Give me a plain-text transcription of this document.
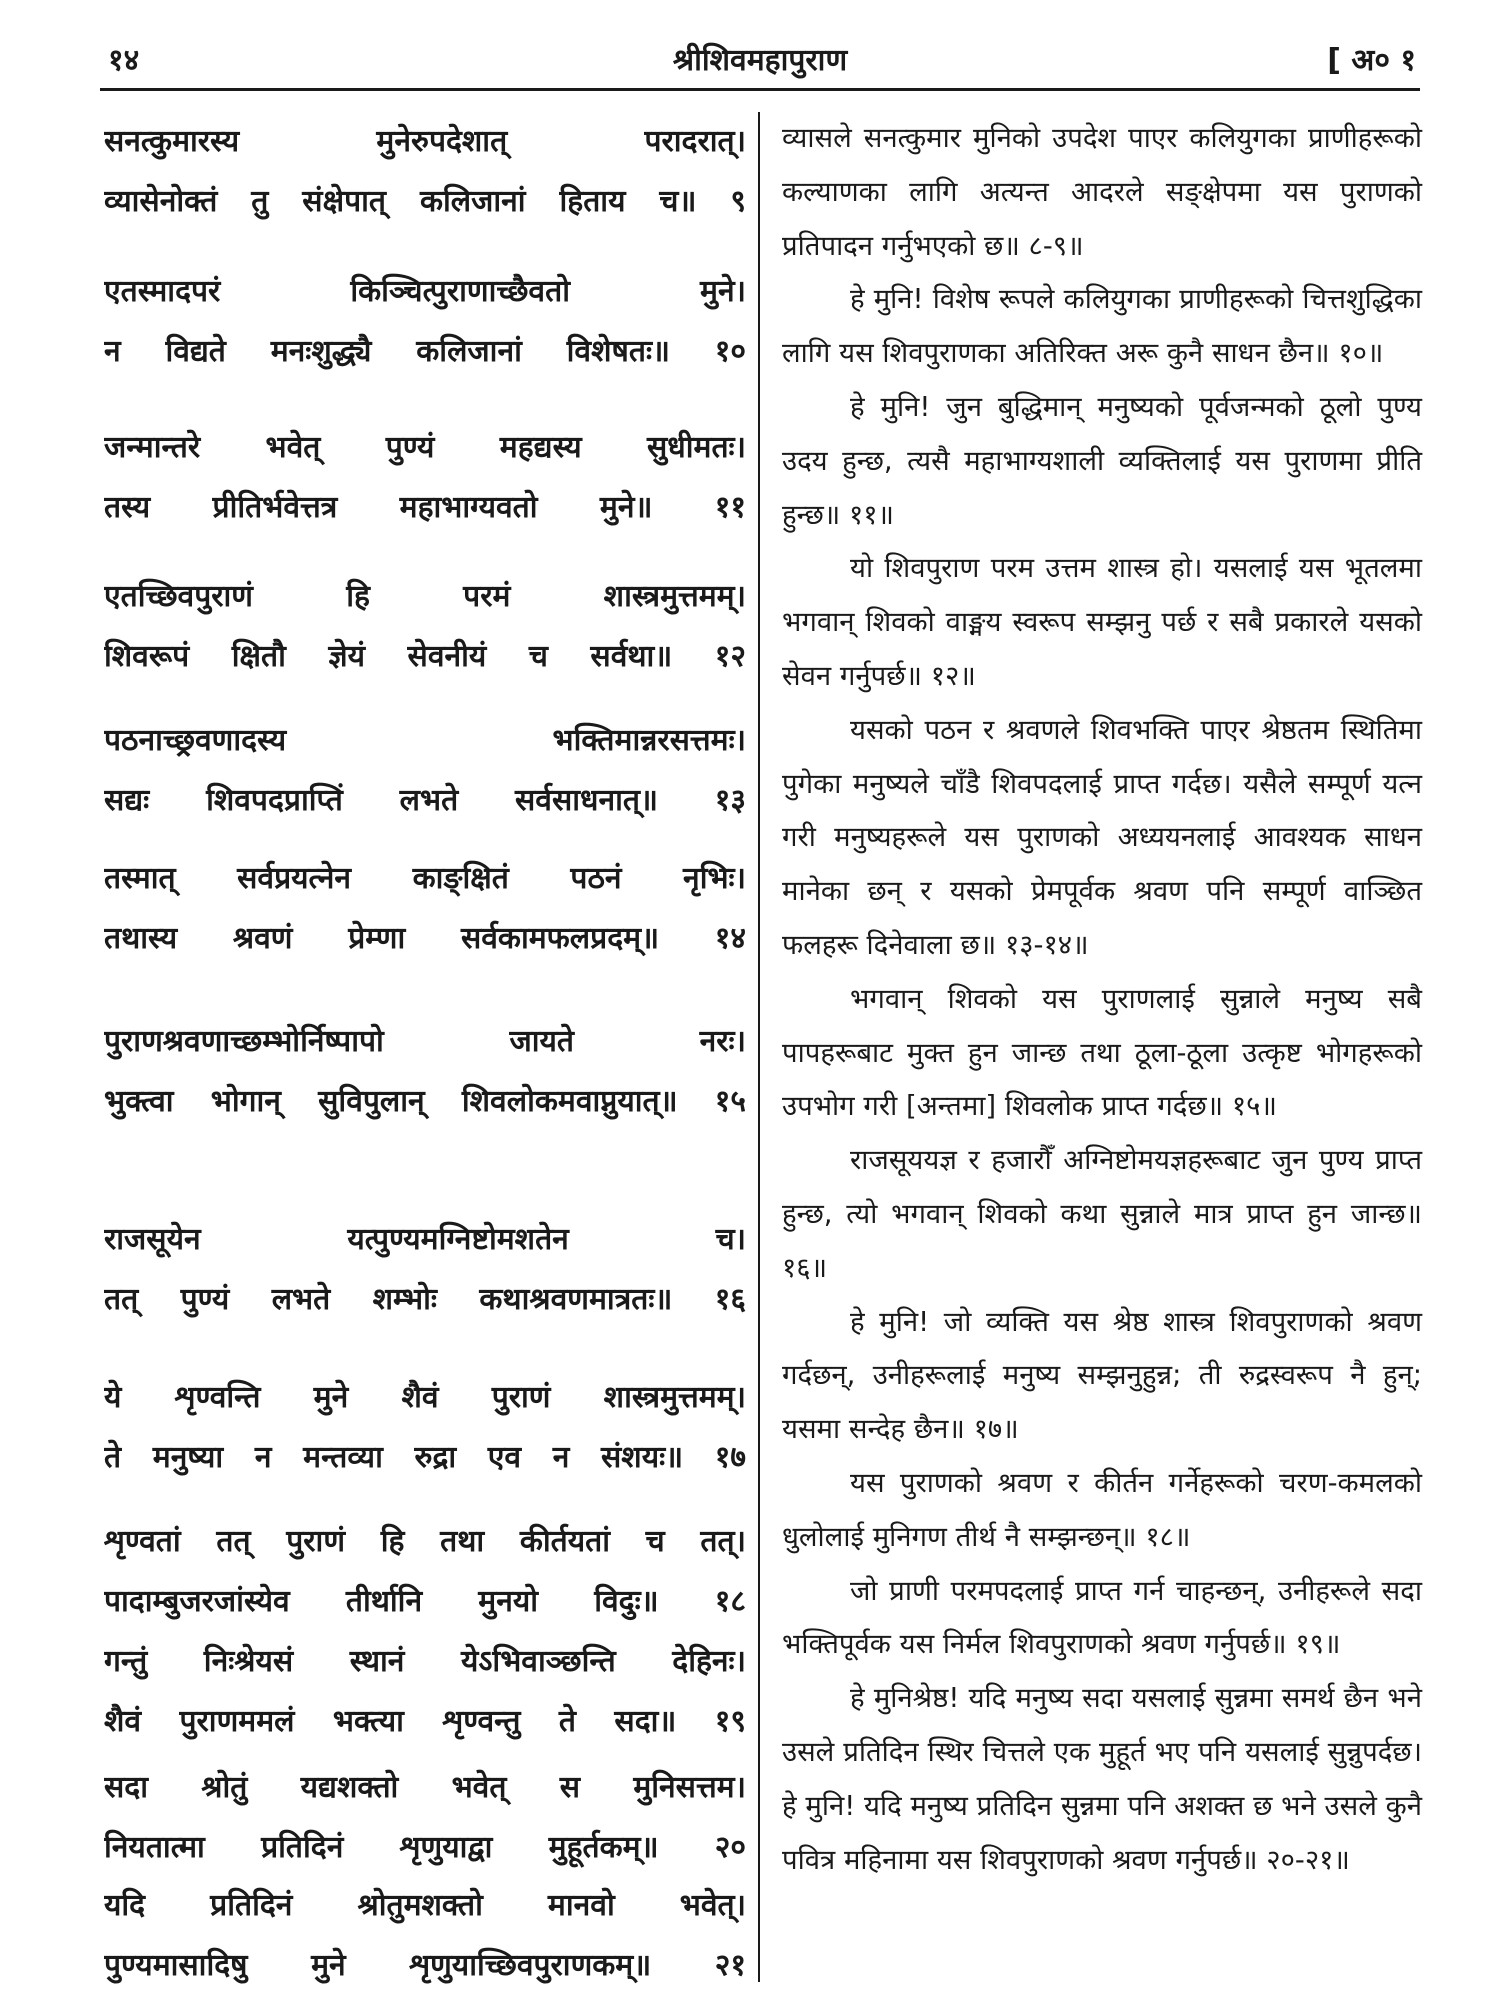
१४	श्रीशिवमहापुराण	[ अ० १
सनत्कुमारस्य मुनेरुपदेशात् परादरात्।
व्यासेनोक्तं तु संक्षेपात् कलिजानां हिताय च॥ ९
एतस्मादपरं किञ्चित्पुराणाच्छैवतो मुने।
न विद्यते मनःशुद्ध्यै कलिजानां विशेषतः॥ १०
जन्मान्तरे भवेत् पुण्यं महद्यस्य सुधीमतः।
तस्य प्रीतिर्भवेत्तत्र महाभाग्यवतो मुने॥ ११
एतच्छिवपुराणं हि परमं शास्त्रमुत्तमम्।
शिवरूपं क्षितौ ज्ञेयं सेवनीयं च सर्वथा॥ १२
पठनाच्छ्रवणादस्य भक्तिमान्नरसत्तमः।
सद्यः शिवपदप्राप्तिं लभते सर्वसाधनात्॥ १३
तस्मात् सर्वप्रयत्नेन काङ्क्षितं पठनं नृभिः।
तथास्य श्रवणं प्रेम्णा सर्वकामफलप्रदम्॥ १४
पुराणश्रवणाच्छम्भोर्निष्पापो जायते नरः।
भुक्त्वा भोगान् सुविपुलान् शिवलोकमवाप्नुयात्॥ १५
राजसूयेन यत्पुण्यमग्निष्टोमशतेन च।
तत् पुण्यं लभते शम्भोः कथाश्रवणमात्रतः॥ १६
ये शृण्वन्ति मुने शैवं पुराणं शास्त्रमुत्तमम्।
ते मनुष्या न मन्तव्या रुद्रा एव न संशयः॥ १७
शृण्वतां तत् पुराणं हि तथा कीर्तयतां च तत्।
पादाम्बुजरजांस्येव तीर्थानि मुनयो विदुः॥ १८
गन्तुं निःश्रेयसं स्थानं येऽभिवाञ्छन्ति देहिनः।
शैवं पुराणममलं भक्त्या शृण्वन्तु ते सदा॥ १९
सदा श्रोतुं यद्यशक्तो भवेत् स मुनिसत्तम।
नियतात्मा प्रतिदिनं शृणुयाद्वा मुहूर्तकम्॥ २०
यदि प्रतिदिनं श्रोतुमशक्तो मानवो भवेत्।
पुण्यमासादिषु मुने शृणुयाच्छिवपुराणकम्॥ २१

व्यासले सनत्कुमार मुनिको उपदेश पाएर कलियुगका प्राणीहरूको कल्याणका लागि अत्यन्त आदरले सङ्क्षेपमा यस पुराणको प्रतिपादन गर्नुभएको छ॥ ८-९॥

हे मुनि! विशेष रूपले कलियुगका प्राणीहरूको चित्तशुद्धिका लागि यस शिवपुराणका अतिरिक्त अरू कुनै साधन छैन॥ १०॥

हे मुनि! जुन बुद्धिमान् मनुष्यको पूर्वजन्मको ठूलो पुण्य उदय हुन्छ, त्यसै महाभाग्यशाली व्यक्तिलाई यस पुराणमा प्रीति हुन्छ॥ ११॥

यो शिवपुराण परम उत्तम शास्त्र हो। यसलाई यस भूतलमा भगवान् शिवको वाङ्मय स्वरूप सम्झनु पर्छ र सबै प्रकारले यसको सेवन गर्नुपर्छ॥ १२॥

यसको पठन र श्रवणले शिवभक्ति पाएर श्रेष्ठतम स्थितिमा पुगेका मनुष्यले चाँडै शिवपदलाई प्राप्त गर्दछ। यसैले सम्पूर्ण यत्न गरी मनुष्यहरूले यस पुराणको अध्ययनलाई आवश्यक साधन मानेका छन् र यसको प्रेमपूर्वक श्रवण पनि सम्पूर्ण वाञ्छित फलहरू दिनेवाला छ॥ १३-१४॥

भगवान् शिवको यस पुराणलाई सुन्नाले मनुष्य सबै पापहरूबाट मुक्त हुन जान्छ तथा ठूला-ठूला उत्कृष्ट भोगहरूको उपभोग गरी [अन्तमा] शिवलोक प्राप्त गर्दछ॥ १५॥

राजसूययज्ञ र हजारौँ अग्निष्टोमयज्ञहरूबाट जुन पुण्य प्राप्त हुन्छ, त्यो भगवान् शिवको कथा सुन्नाले मात्र प्राप्त हुन जान्छ॥ १६॥

हे मुनि! जो व्यक्ति यस श्रेष्ठ शास्त्र शिवपुराणको श्रवण गर्दछन्, उनीहरूलाई मनुष्य सम्झनुहुन्न; ती रुद्रस्वरूप नै हुन्; यसमा सन्देह छैन॥ १७॥

यस पुराणको श्रवण र कीर्तन गर्नेहरूको चरण-कमलको धुलोलाई मुनिगण तीर्थ नै सम्झन्छन्॥ १८॥

जो प्राणी परमपदलाई प्राप्त गर्न चाहन्छन्, उनीहरूले सदा भक्तिपूर्वक यस निर्मल शिवपुराणको श्रवण गर्नुपर्छ॥ १९॥

हे मुनिश्रेष्ठ! यदि मनुष्य सदा यसलाई सुन्नमा समर्थ छैन भने उसले प्रतिदिन स्थिर चित्तले एक मुहूर्त भए पनि यसलाई सुन्नुपर्दछ। हे मुनि! यदि मनुष्य प्रतिदिन सुन्नमा पनि अशक्त छ भने उसले कुनै पवित्र महिनामा यस शिवपुराणको श्रवण गर्नुपर्छ॥ २०-२१॥
